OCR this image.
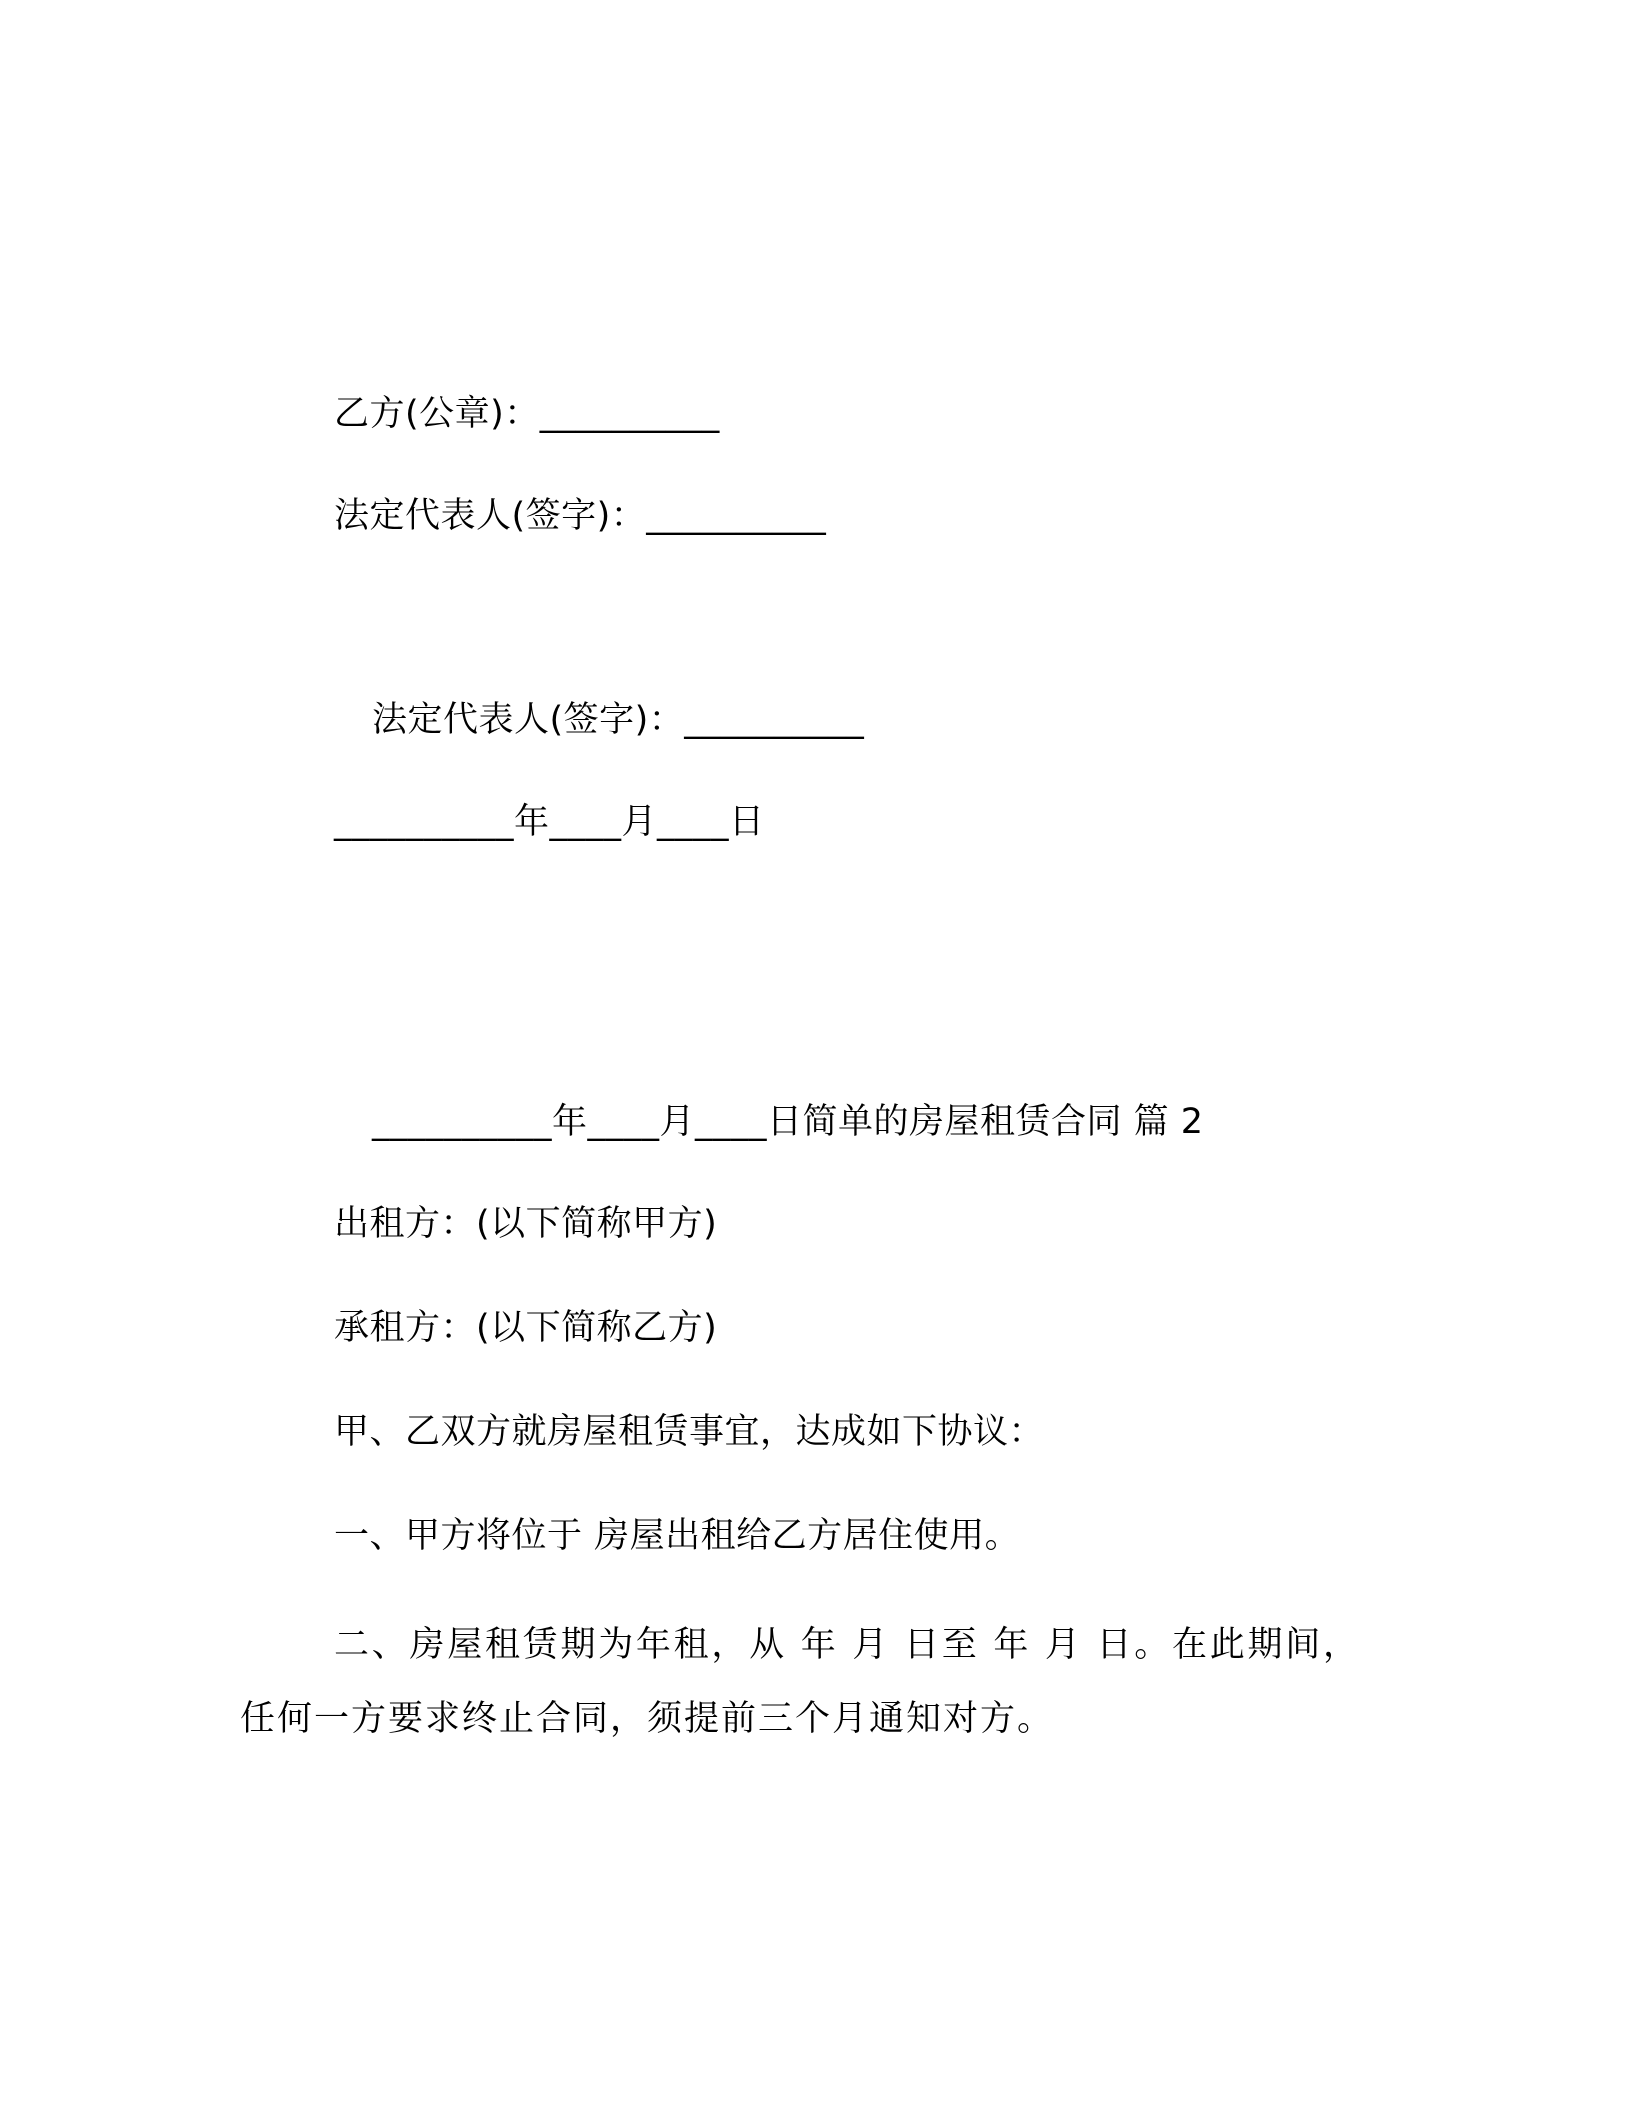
乙方(公章)：__________
法定代表人(签字)：__________
法定代表人(签字)：__________
__________年____月____日
__________年____月____日简单的房屋租赁合同 篇 2
出租方：(以下简称甲方)
承租方：(以下简称乙方)
甲、乙双方就房屋租赁事宜，达成如下协议：
一、甲方将位于 房屋出租给乙方居住使用。
二、房屋租赁期为年租，从 年 月 日至 年 月 日。在此期间，任何一方要求终止合同，须提前三个月通知对方。
